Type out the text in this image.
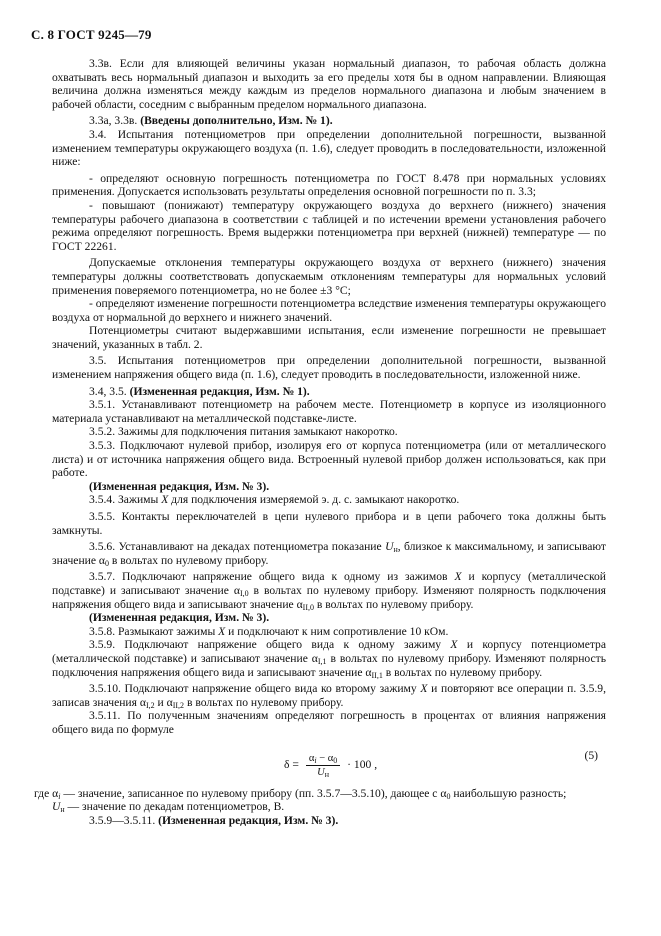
С. 8 ГОСТ 9245—79

3.3в. Если для влияющей величины указан нормальный диапазон, то рабочая область должна охватывать весь нормальный диапазон и выходить за его пределы хотя бы в одном направлении. Влияющая величина должна изменяться между каждым из пределов нормального диапазона и любым значением в рабочей области, соседним с выбранным пределом нормального диапазона.

3.3а, 3.3в. (Введены дополнительно, Изм. № 1).

3.4. Испытания потенциометров при определении дополнительной погрешности, вызванной изменением температуры окружающего воздуха (п. 1.6), следует проводить в последовательности, изложенной ниже:

- определяют основную погрешность потенциометра по ГОСТ 8.478 при нормальных условиях применения. Допускается использовать результаты определения основной погрешности по п. 3.3;

- повышают (понижают) температуру окружающего воздуха до верхнего (нижнего) значения температуры рабочего диапазона в соответствии с таблицей и по истечении времени установления рабочего режима определяют погрешность. Время выдержки потенциометра при верхней (нижней) температуре — по ГОСТ 22261.

Допускаемые отклонения температуры окружающего воздуха от верхнего (нижнего) значения температуры должны соответствовать допускаемым отклонениям температуры для нормальных условий применения поверяемого потенциометра, но не более ±3 °С;

- определяют изменение погрешности потенциометра вследствие изменения температуры окружающего воздуха от нормальной до верхнего и нижнего значений.

Потенциометры считают выдержавшими испытания, если изменение погрешности не превышает значений, указанных в табл. 2.

3.5. Испытания потенциометров при определении дополнительной погрешности, вызванной изменением напряжения общего вида (п. 1.6), следует проводить в последовательности, изложенной ниже.

3.4, 3.5. (Измененная редакция, Изм. № 1).

3.5.1. Устанавливают потенциометр на рабочем месте. Потенциометр в корпусе из изоляционного материала устанавливают на металлической подставке-листе.

3.5.2. Зажимы для подключения питания замыкают накоротко.

3.5.3. Подключают нулевой прибор, изолируя его от корпуса потенциометра (или от металлического листа) и от источника напряжения общего вида. Встроенный нулевой прибор должен использоваться, как при работе.

(Измененная редакция, Изм. № 3).

3.5.4. Зажимы X для подключения измеряемой э. д. с. замыкают накоротко.

3.5.5. Контакты переключателей в цепи нулевого прибора и в цепи рабочего тока должны быть замкнуты.

3.5.6. Устанавливают на декадах потенциометра показание $U_н$, близкое к максимальному, и записывают значение $\alpha_0$ в вольтах по нулевому прибору.

3.5.7. Подключают напряжение общего вида к одному из зажимов X и корпусу (металлической подставке) и записывают значение $\alpha_{I,0}$ в вольтах по нулевому прибору. Изменяют полярность подключения напряжения общего вида и записывают значение $\alpha_{II,0}$ в вольтах по нулевому прибору.

(Измененная редакция, Изм. № 3).

3.5.8. Размыкают зажимы X и подключают к ним сопротивление 10 кОм.

3.5.9. Подключают напряжение общего вида к одному зажиму X и корпусу потенциометра (металлической подставке) и записывают значение $\alpha_{I,1}$ в вольтах по нулевому прибору. Изменяют полярность подключения напряжения общего вида и записывают значение $\alpha_{II,1}$ в вольтах по нулевому прибору.

3.5.10. Подключают напряжение общего вида ко второму зажиму X и повторяют все операции п. 3.5.9, записав значения $\alpha_{I,2}$ и $\alpha_{II,2}$ в вольтах по нулевому прибору.

3.5.11. По полученным значениям определяют погрешность в процентах от влияния напряжения общего вида по формуле

$\delta = \frac{\alpha_i - \alpha_0}{U_н} \cdot 100$ ,
(5)

где $\alpha_i$ — значение, записанное по нулевому прибору (пп. 3.5.7—3.5.10), дающее с $\alpha_0$ наибольшую разность;

$U_н$ — значение по декадам потенциометров, В.

3.5.9—3.5.11. (Измененная редакция, Изм. № 3).
